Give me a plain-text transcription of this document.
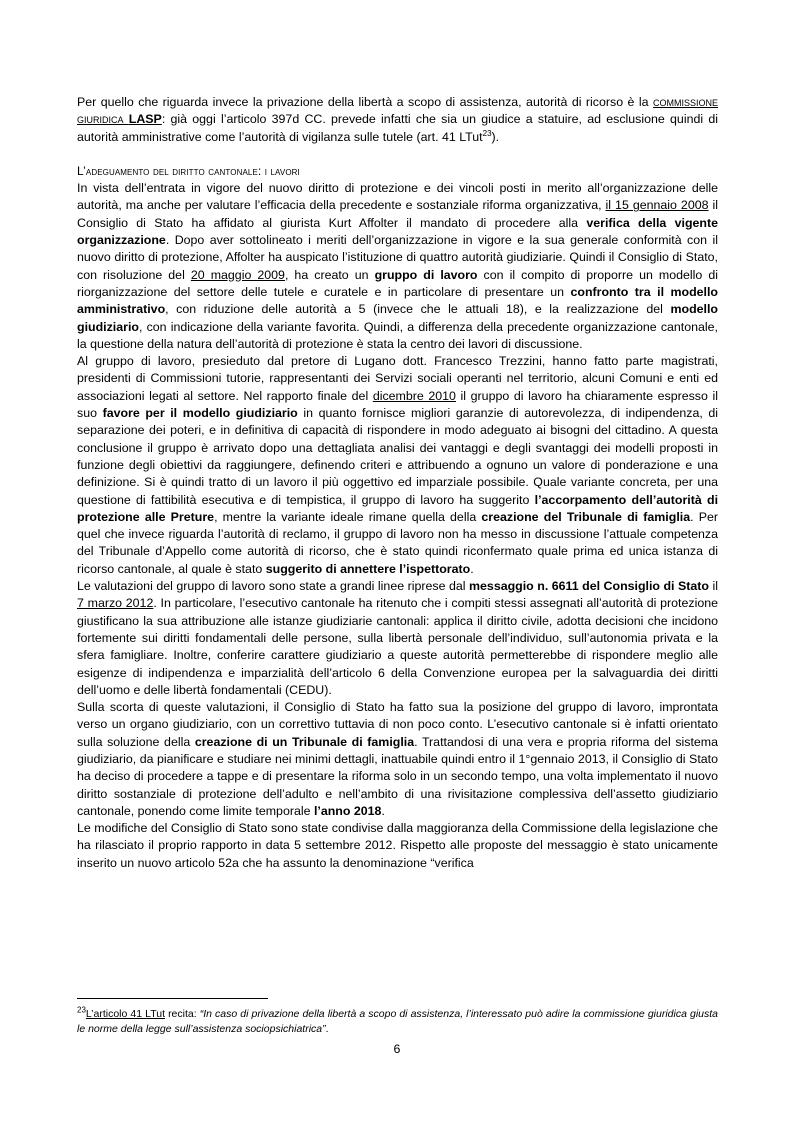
Per quello che riguarda invece la privazione della libertà a scopo di assistenza, autorità di ricorso è la commissione giuridica LASP: già oggi l’articolo 397d CC. prevede infatti che sia un giudice a statuire, ad esclusione quindi di autorità amministrative come l’autorità di vigilanza sulle tutele (art. 41 LTut$^{23}$).

L’adeguamento del diritto cantonale: i lavori

In vista dell’entrata in vigore del nuovo diritto di protezione e dei vincoli posti in merito all’organizzazione delle autorità, ma anche per valutare l’efficacia della precedente e sostanziale riforma organizzativa, il 15 gennaio 2008 il Consiglio di Stato ha affidato al giurista Kurt Affolter il mandato di procedere alla verifica della vigente organizzazione. Dopo aver sottolineato i meriti dell’organizzazione in vigore e la sua generale conformità con il nuovo diritto di protezione, Affolter ha auspicato l’istituzione di quattro autorità giudiziarie. Quindi il Consiglio di Stato, con risoluzione del 20 maggio 2009, ha creato un gruppo di lavoro con il compito di proporre un modello di riorganizzazione del settore delle tutele e curatele e in particolare di presentare un confronto tra il modello amministrativo, con riduzione delle autorità a 5 (invece che le attuali 18), e la realizzazione del modello giudiziario, con indicazione della variante favorita. Quindi, a differenza della precedente organizzazione cantonale, la questione della natura dell’autorità di protezione è stata la centro dei lavori di discussione.

Al gruppo di lavoro, presieduto dal pretore di Lugano dott. Francesco Trezzini, hanno fatto parte magistrati, presidenti di Commissioni tutorie, rappresentanti dei Servizi sociali operanti nel territorio, alcuni Comuni e enti ed associazioni legati al settore. Nel rapporto finale del dicembre 2010 il gruppo di lavoro ha chiaramente espresso il suo favore per il modello giudiziario in quanto fornisce migliori garanzie di autorevolezza, di indipendenza, di separazione dei poteri, e in definitiva di capacità di rispondere in modo adeguato ai bisogni del cittadino. A questa conclusione il gruppo è arrivato dopo una dettagliata analisi dei vantaggi e degli svantaggi dei modelli proposti in funzione degli obiettivi da raggiungere, definendo criteri e attribuendo a ognuno un valore di ponderazione e una definizione. Si è quindi tratto di un lavoro il più oggettivo ed imparziale possibile. Quale variante concreta, per una questione di fattibilità esecutiva e di tempistica, il gruppo di lavoro ha suggerito l’accorpamento dell’autorità di protezione alle Preture, mentre la variante ideale rimane quella della creazione del Tribunale di famiglia. Per quel che invece riguarda l’autorità di reclamo, il gruppo di lavoro non ha messo in discussione l’attuale competenza del Tribunale d’Appello come autorità di ricorso, che è stato quindi riconfermato quale prima ed unica istanza di ricorso cantonale, al quale è stato suggerito di annettere l’ispettorato.

Le valutazioni del gruppo di lavoro sono state a grandi linee riprese dal messaggio n. 6611 del Consiglio di Stato il 7 marzo 2012. In particolare, l’esecutivo cantonale ha ritenuto che i compiti stessi assegnati all’autorità di protezione giustificano la sua attribuzione alle istanze giudiziarie cantonali: applica il diritto civile, adotta decisioni che incidono fortemente sui diritti fondamentali delle persone, sulla libertà personale dell’individuo, sull’autonomia privata e la sfera famigliare. Inoltre, conferire carattere giudiziario a queste autorità permetterebbe di rispondere meglio alle esigenze di indipendenza e imparzialità dell’articolo 6 della Convenzione europea per la salvaguardia dei diritti dell’uomo e delle libertà fondamentali (CEDU).

Sulla scorta di queste valutazioni, il Consiglio di Stato ha fatto sua la posizione del gruppo di lavoro, improntata verso un organo giudiziario, con un correttivo tuttavia di non poco conto. L’esecutivo cantonale si è infatti orientato sulla soluzione della creazione di un Tribunale di famiglia. Trattandosi di una vera e propria riforma del sistema giudiziario, da pianificare e studiare nei minimi dettagli, inattuabile quindi entro il 1°gennaio 2013, il Consiglio di Stato ha deciso di procedere a tappe e di presentare la riforma solo in un secondo tempo, una volta implementato il nuovo diritto sostanziale di protezione dell’adulto e nell’ambito di una rivisitazione complessiva dell’assetto giudiziario cantonale, ponendo come limite temporale l’anno 2018.

Le modifiche del Consiglio di Stato sono state condivise dalla maggioranza della Commissione della legislazione che ha rilasciato il proprio rapporto in data 5 settembre 2012. Rispetto alle proposte del messaggio è stato unicamente inserito un nuovo articolo 52a che ha assunto la denominazione “verifica

$^{23}$L’articolo 41 LTut recita: “In caso di privazione della libertà a scopo di assistenza, l’interessato può adire la commissione giuridica giusta le norme della legge sull’assistenza sociopsichiatrica”.
6
